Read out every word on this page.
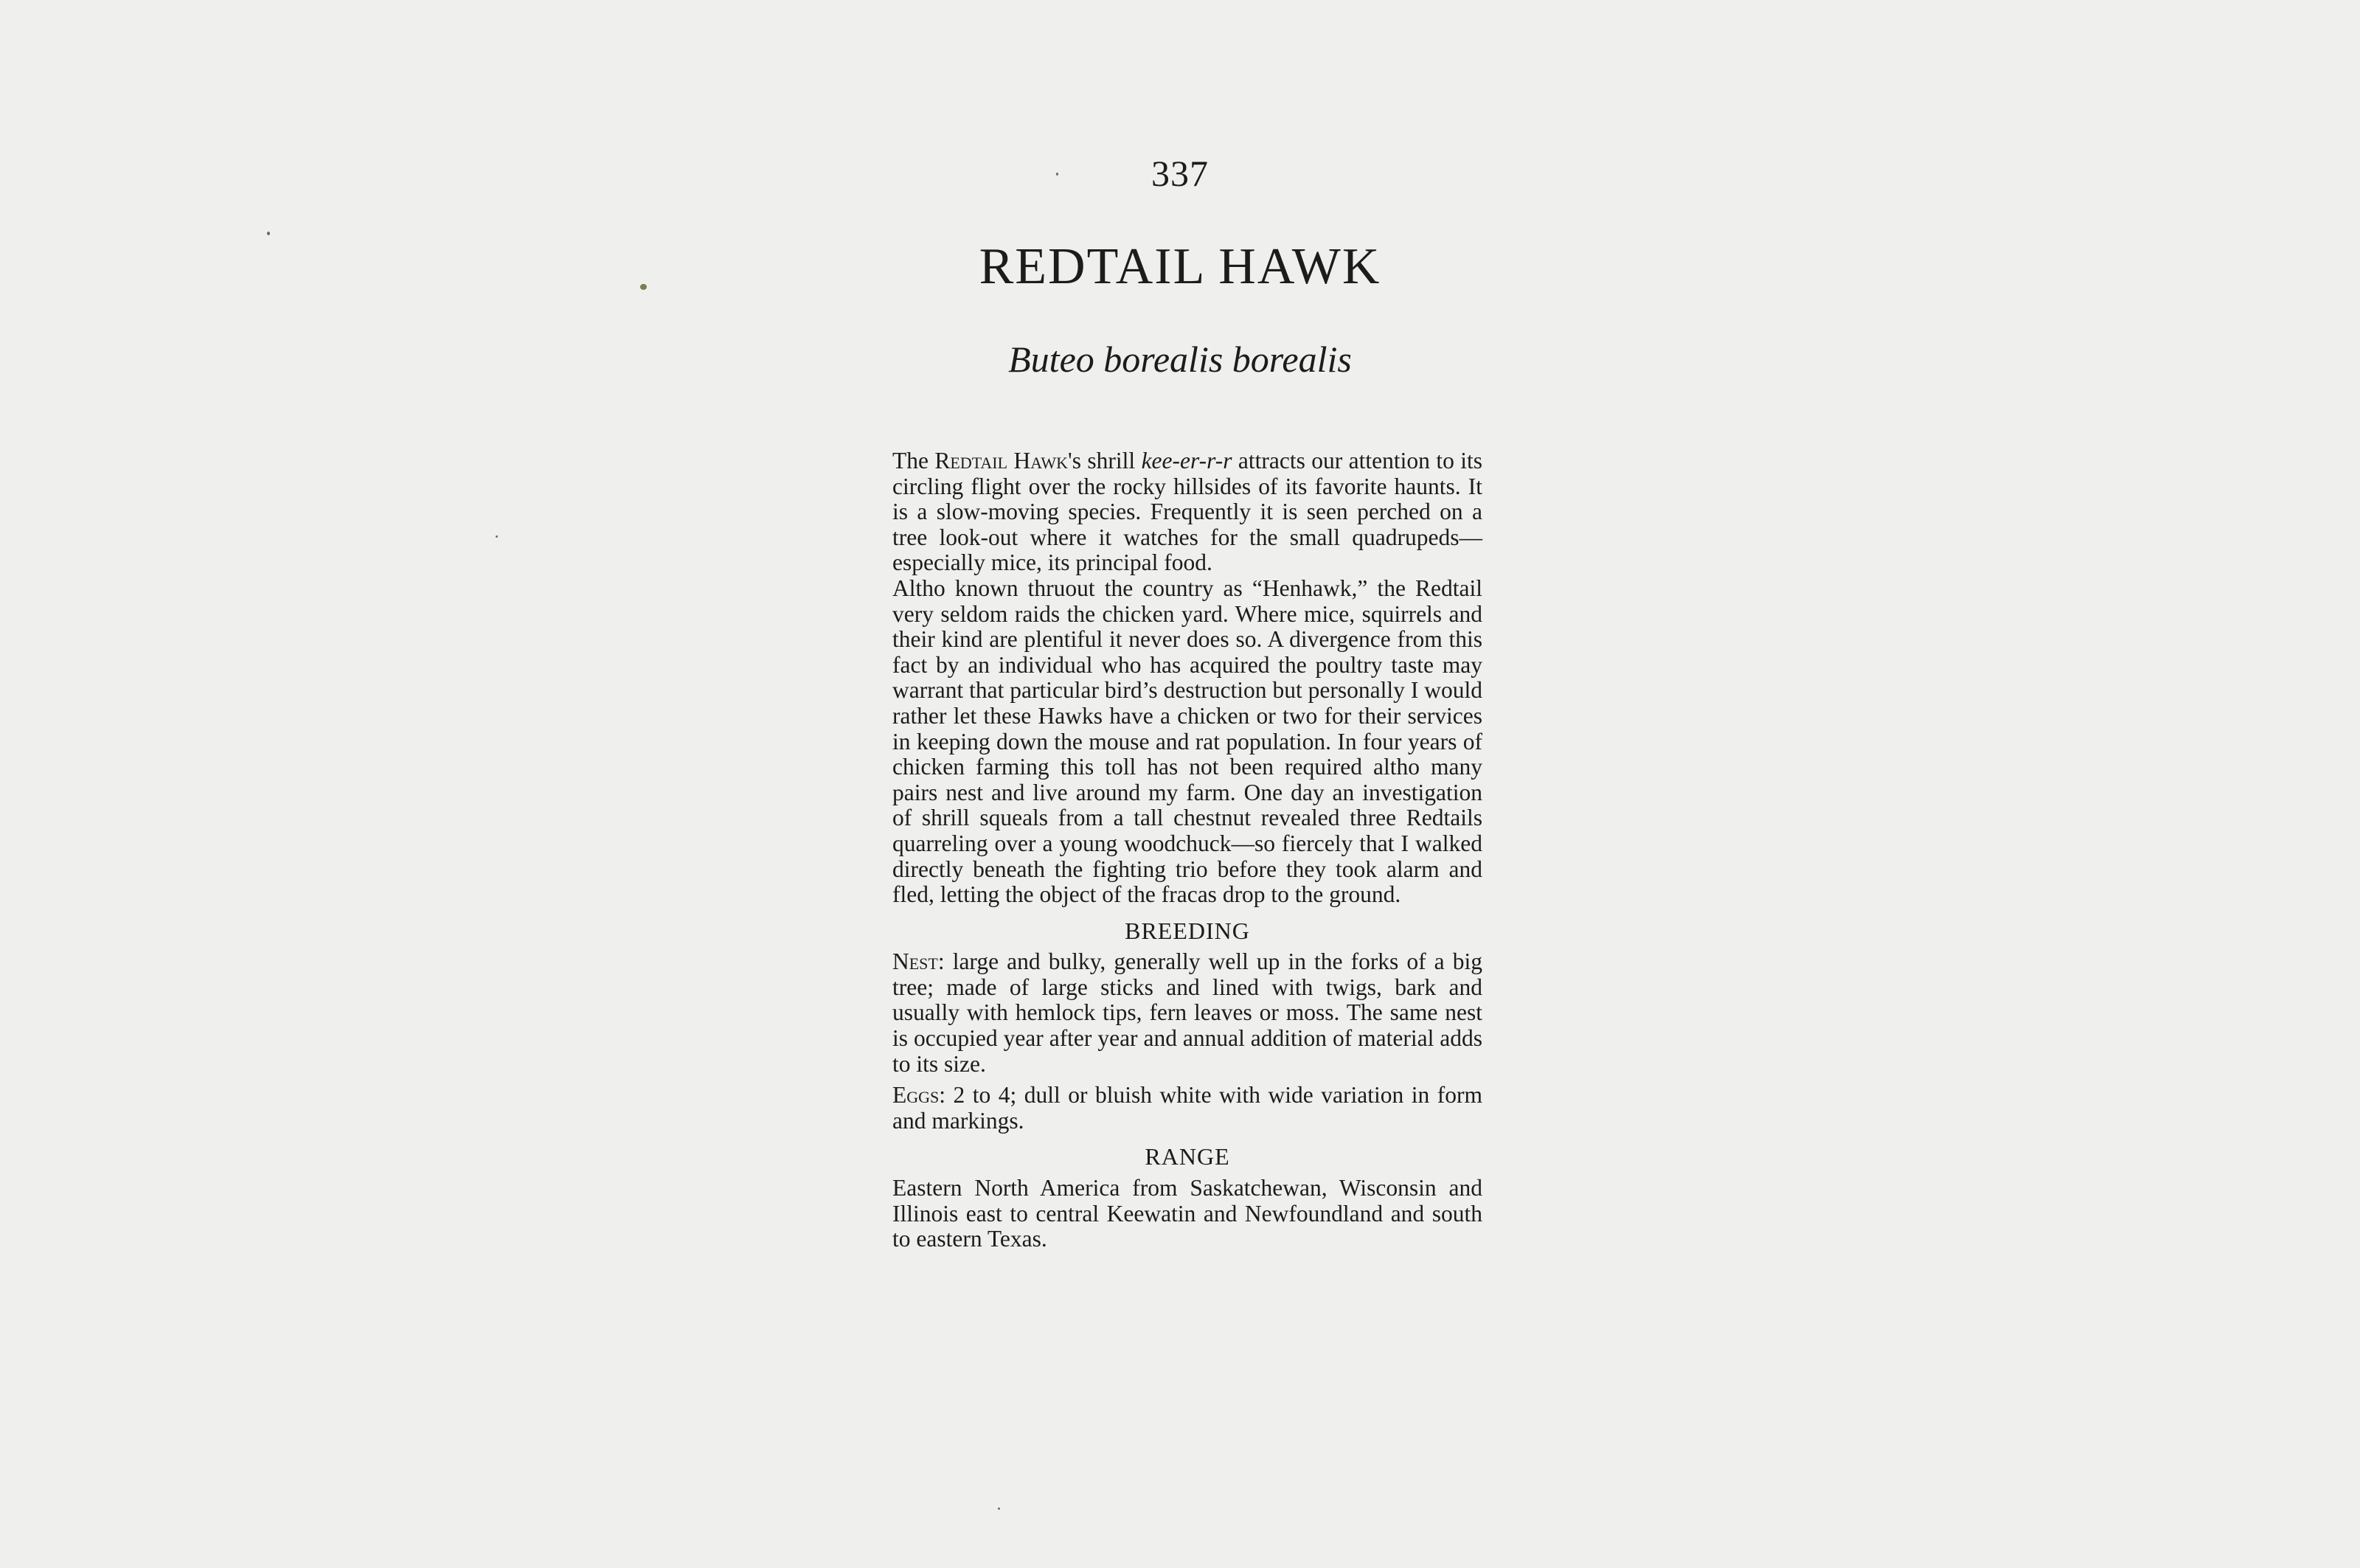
337
REDTAIL HAWK
Buteo borealis borealis

The Redtail Hawk's shrill kee-er-r-r attracts our attention to its circling flight over the rocky hillsides of its favorite haunts. It is a slow-moving species. Frequently it is seen perched on a tree look-out where it watches for the small quadrupeds—especially mice, its principal food.

Altho known thruout the country as “Henhawk,” the Redtail very seldom raids the chicken yard. Where mice, squirrels and their kind are plentiful it never does so. A divergence from this fact by an individual who has acquired the poultry taste may warrant that particular bird’s destruction but personally I would rather let these Hawks have a chicken or two for their services in keeping down the mouse and rat population. In four years of chicken farming this toll has not been required altho many pairs nest and live around my farm. One day an investigation of shrill squeals from a tall chestnut revealed three Redtails quarreling over a young woodchuck—so fiercely that I walked directly beneath the fighting trio before they took alarm and fled, letting the object of the fracas drop to the ground.

BREEDING

Nest: large and bulky, generally well up in the forks of a big tree; made of large sticks and lined with twigs, bark and usually with hemlock tips, fern leaves or moss. The same nest is occupied year after year and annual addition of material adds to its size.

Eggs: 2 to 4; dull or bluish white with wide variation in form and markings.

RANGE

Eastern North America from Saskatchewan, Wisconsin and Illinois east to central Keewatin and Newfoundland and south to eastern Texas.
